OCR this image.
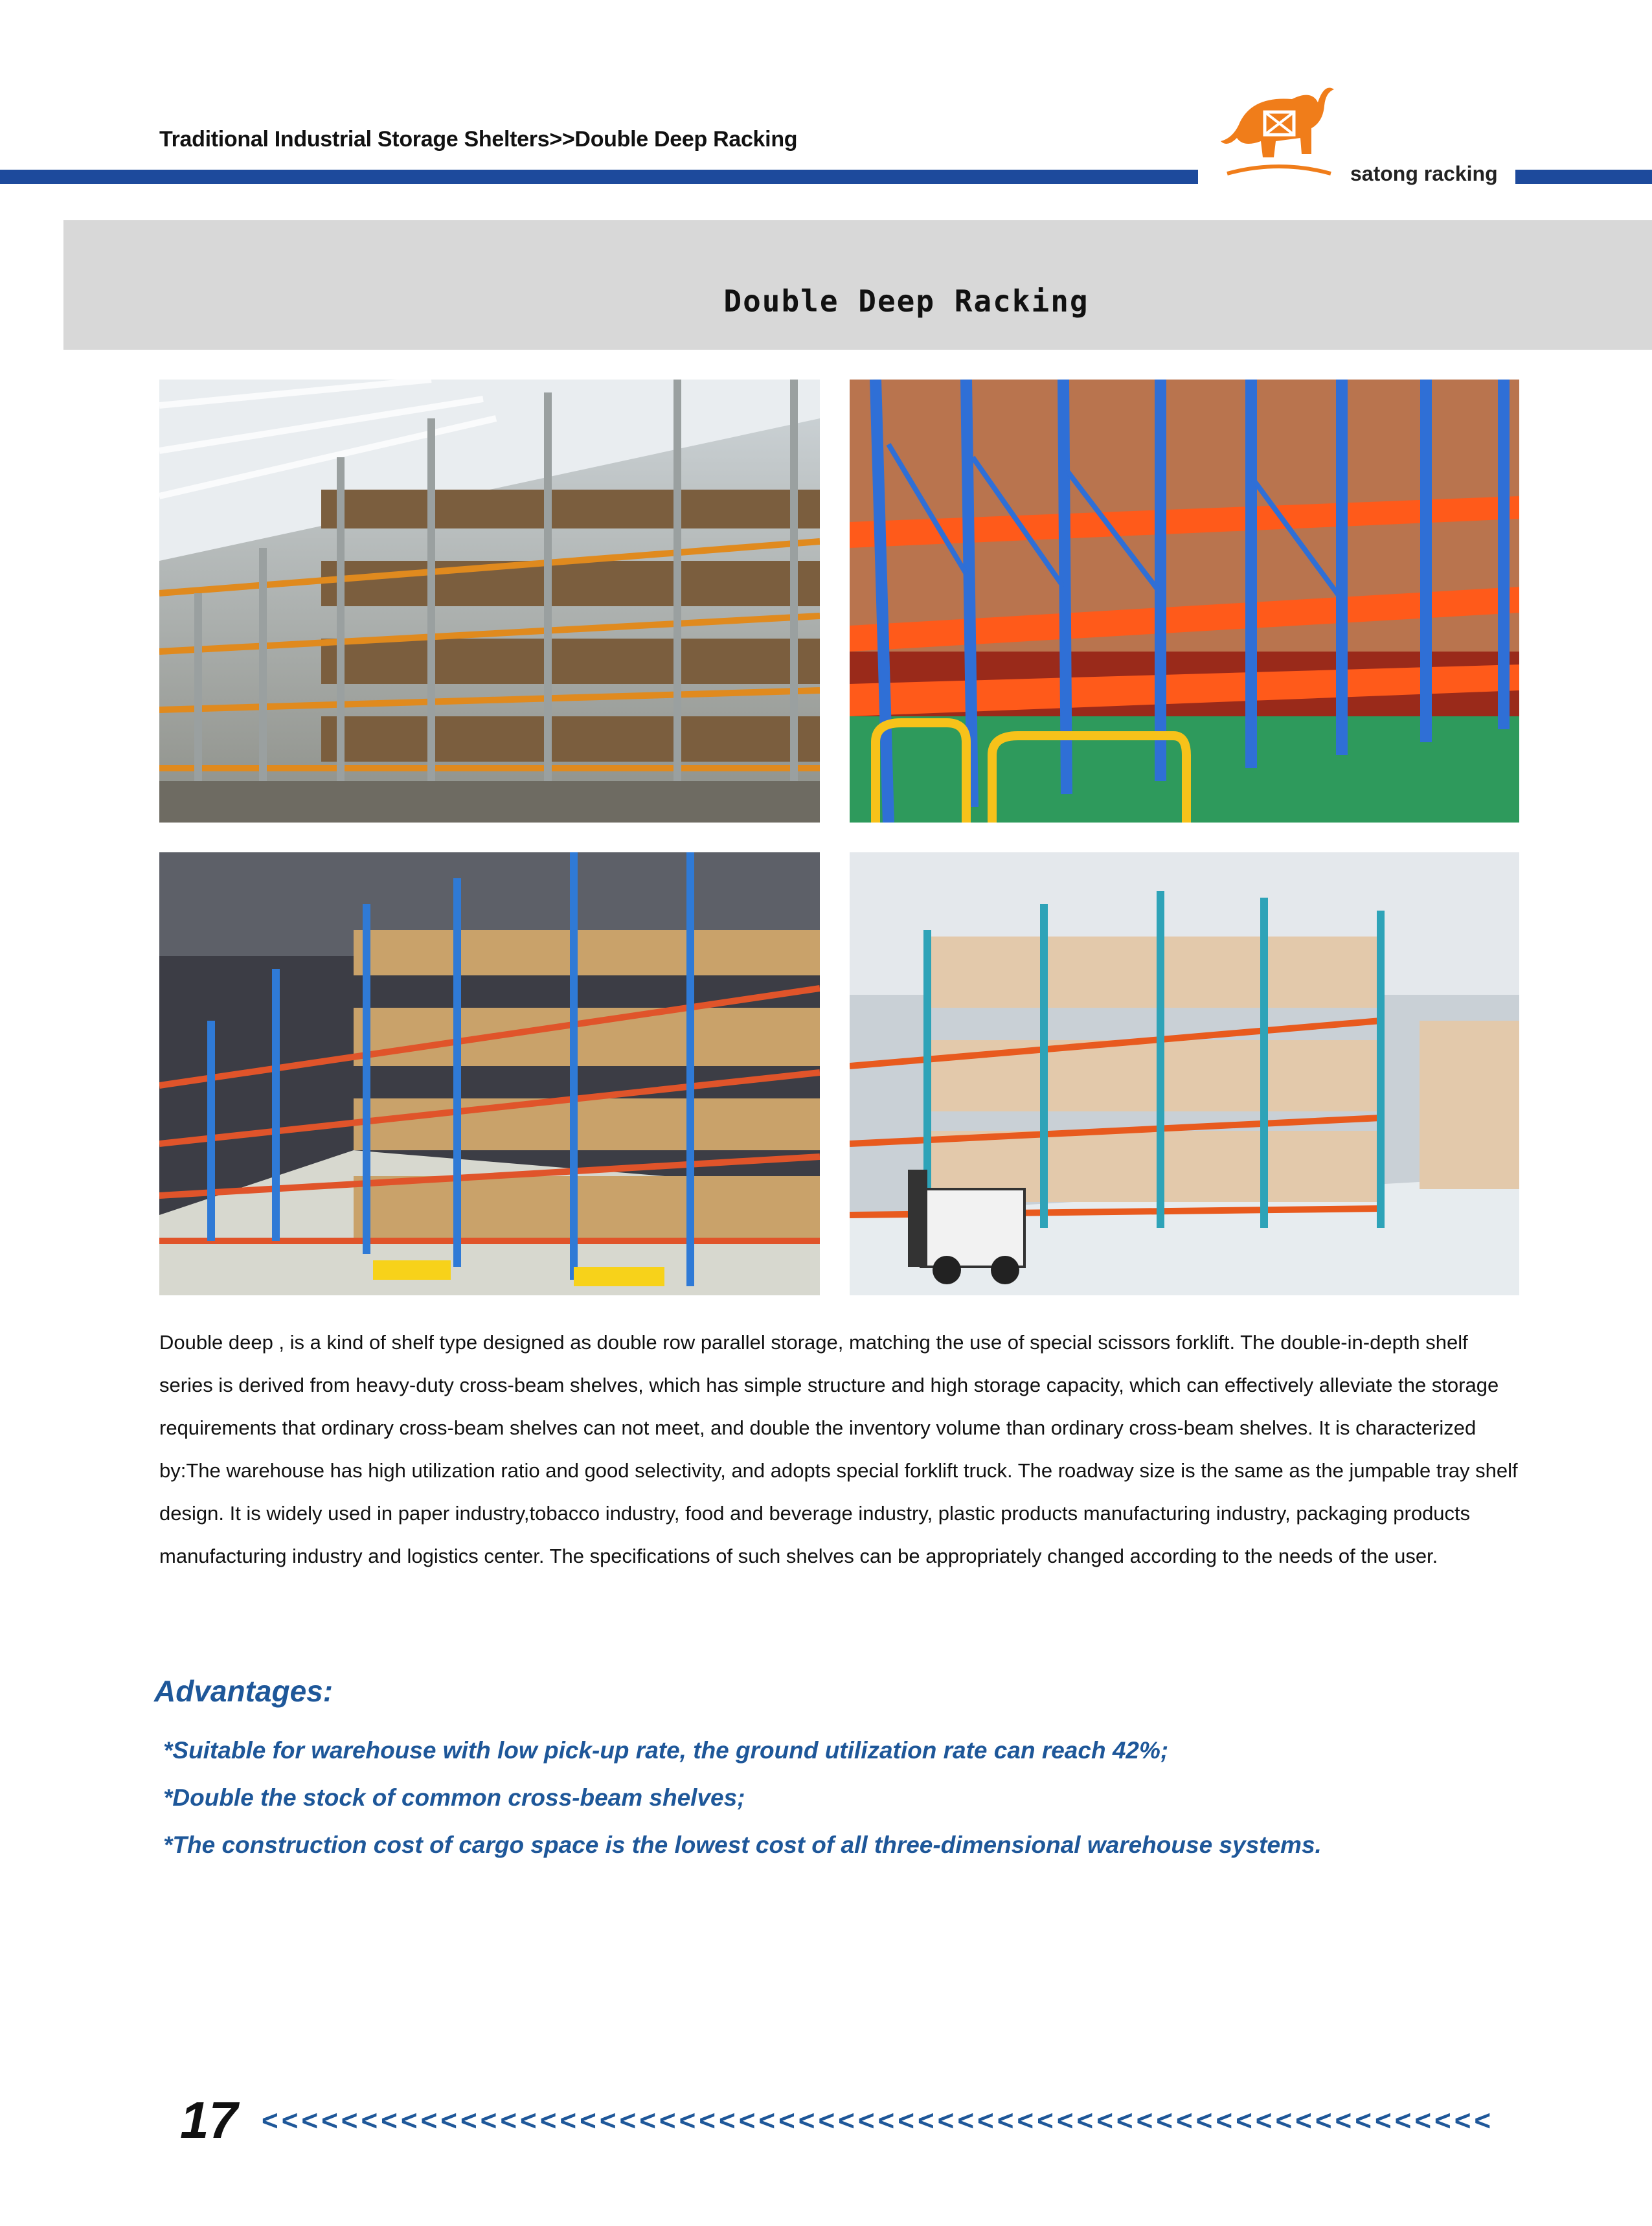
Traditional Industrial Storage Shelters>>Double Deep Racking
satong racking
Double Deep Racking

Double deep , is a kind of shelf type designed as double row parallel storage, matching the use of special scissors forklift. The double-in-depth shelf series is derived from heavy-duty cross-beam shelves, which has simple structure and high storage capacity, which can effectively alleviate the storage requirements that ordinary cross-beam shelves can not meet, and double the inventory volume than ordinary cross-beam shelves. It is characterized by:The warehouse has high utilization ratio and good selectivity, and adopts special forklift truck. The roadway size is the same as the jumpable tray shelf design. It is widely used in paper industry,tobacco industry, food and beverage industry, plastic products manufacturing industry, packaging products manufacturing industry and logistics center. The specifications of such shelves can be appropriately changed according to the needs of the user.

Advantages:
*Suitable for warehouse with low pick-up rate, the ground utilization rate can reach 42%;
*Double the stock of common cross-beam shelves;
*The construction cost of cargo space is the lowest cost of all three-dimensional warehouse systems.
17 <<<<<<<<<<<<<<<<<<<<<<<<<<<<<<<<<<<<<<<<<<<<<<<<<<<<<<<<<<<<<<
